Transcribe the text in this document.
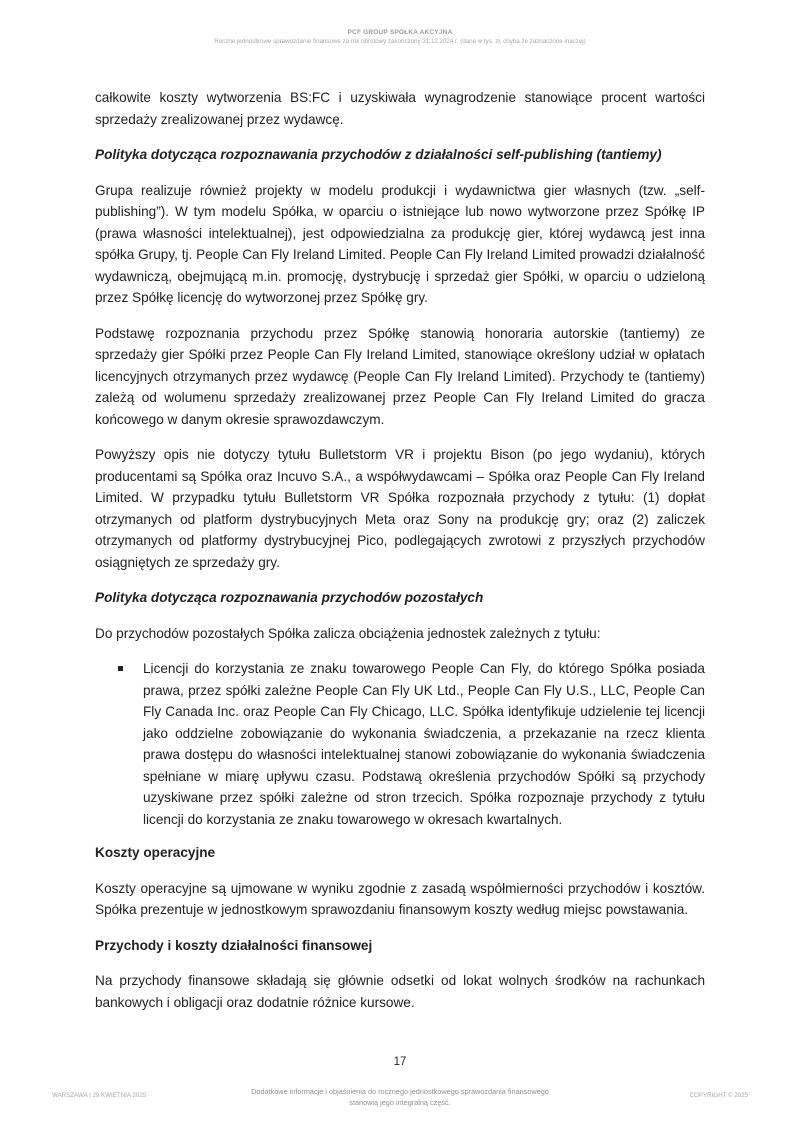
PCF GROUP SPÓŁKA AKCYJNA
Roczne jednostkowe sprawozdanie finansowe za rok obrotowy zakończony 31.12.2024 r. (dane w tys. zł, chyba że zaznaczone inaczej)

całkowite koszty wytworzenia BS:FC i uzyskiwała wynagrodzenie stanowiące procent wartości sprzedaży zrealizowanej przez wydawcę.

Polityka dotycząca rozpoznawania przychodów z działalności self-publishing (tantiemy)

Grupa realizuje również projekty w modelu produkcji i wydawnictwa gier własnych (tzw. „self-publishing”). W tym modelu Spółka, w oparciu o istniejące lub nowo wytworzone przez Spółkę IP (prawa własności intelektualnej), jest odpowiedzialna za produkcję gier, której wydawcą jest inna spółka Grupy, tj. People Can Fly Ireland Limited. People Can Fly Ireland Limited prowadzi działalność wydawniczą, obejmującą m.in. promocję, dystrybucję i sprzedaż gier Spółki, w oparciu o udzieloną przez Spółkę licencję do wytworzonej przez Spółkę gry.

Podstawę rozpoznania przychodu przez Spółkę stanowią honoraria autorskie (tantiemy) ze sprzedaży gier Spółki przez People Can Fly Ireland Limited, stanowiące określony udział w opłatach licencyjnych otrzymanych przez wydawcę (People Can Fly Ireland Limited). Przychody te (tantiemy) zależą od wolumenu sprzedaży zrealizowanej przez People Can Fly Ireland Limited do gracza końcowego w danym okresie sprawozdawczym.

Powyższy opis nie dotyczy tytułu Bulletstorm VR i projektu Bison (po jego wydaniu), których producentami są Spółka oraz Incuvo S.A., a współwydawcami – Spółka oraz People Can Fly Ireland Limited. W przypadku tytułu Bulletstorm VR Spółka rozpoznała przychody z tytułu: (1) dopłat otrzymanych od platform dystrybucyjnych Meta oraz Sony na produkcję gry; oraz (2) zaliczek otrzymanych od platformy dystrybucyjnej Pico, podlegających zwrotowi z przyszłych przychodów osiągniętych ze sprzedaży gry.

Polityka dotycząca rozpoznawania przychodów pozostałych

Do przychodów pozostałych Spółka zalicza obciążenia jednostek zależnych z tytułu:

Licencji do korzystania ze znaku towarowego People Can Fly, do którego Spółka posiada prawa, przez spółki zależne People Can Fly UK Ltd., People Can Fly U.S., LLC, People Can Fly Canada Inc. oraz People Can Fly Chicago, LLC. Spółka identyfikuje udzielenie tej licencji jako oddzielne zobowiązanie do wykonania świadczenia, a przekazanie na rzecz klienta prawa dostępu do własności intelektualnej stanowi zobowiązanie do wykonania świadczenia spełniane w miarę upływu czasu. Podstawą określenia przychodów Spółki są przychody uzyskiwane przez spółki zależne od stron trzecich. Spółka rozpoznaje przychody z tytułu licencji do korzystania ze znaku towarowego w okresach kwartalnych.

Koszty operacyjne

Koszty operacyjne są ujmowane w wyniku zgodnie z zasadą współmierności przychodów i kosztów. Spółka prezentuje w jednostkowym sprawozdaniu finansowym koszty według miejsc powstawania.

Przychody i koszty działalności finansowej

Na przychody finansowe składają się głównie odsetki od lokat wolnych środków na rachunkach bankowych i obligacji oraz dodatnie różnice kursowe.

17
WARSZAWA | 29 KWIETNIA 2025	Dodatkowe informacje i objaśnienia do rocznego jednostkowego sprawozdania finansowego stanowią jego integralną część.
COPYRIGHT © 2025
